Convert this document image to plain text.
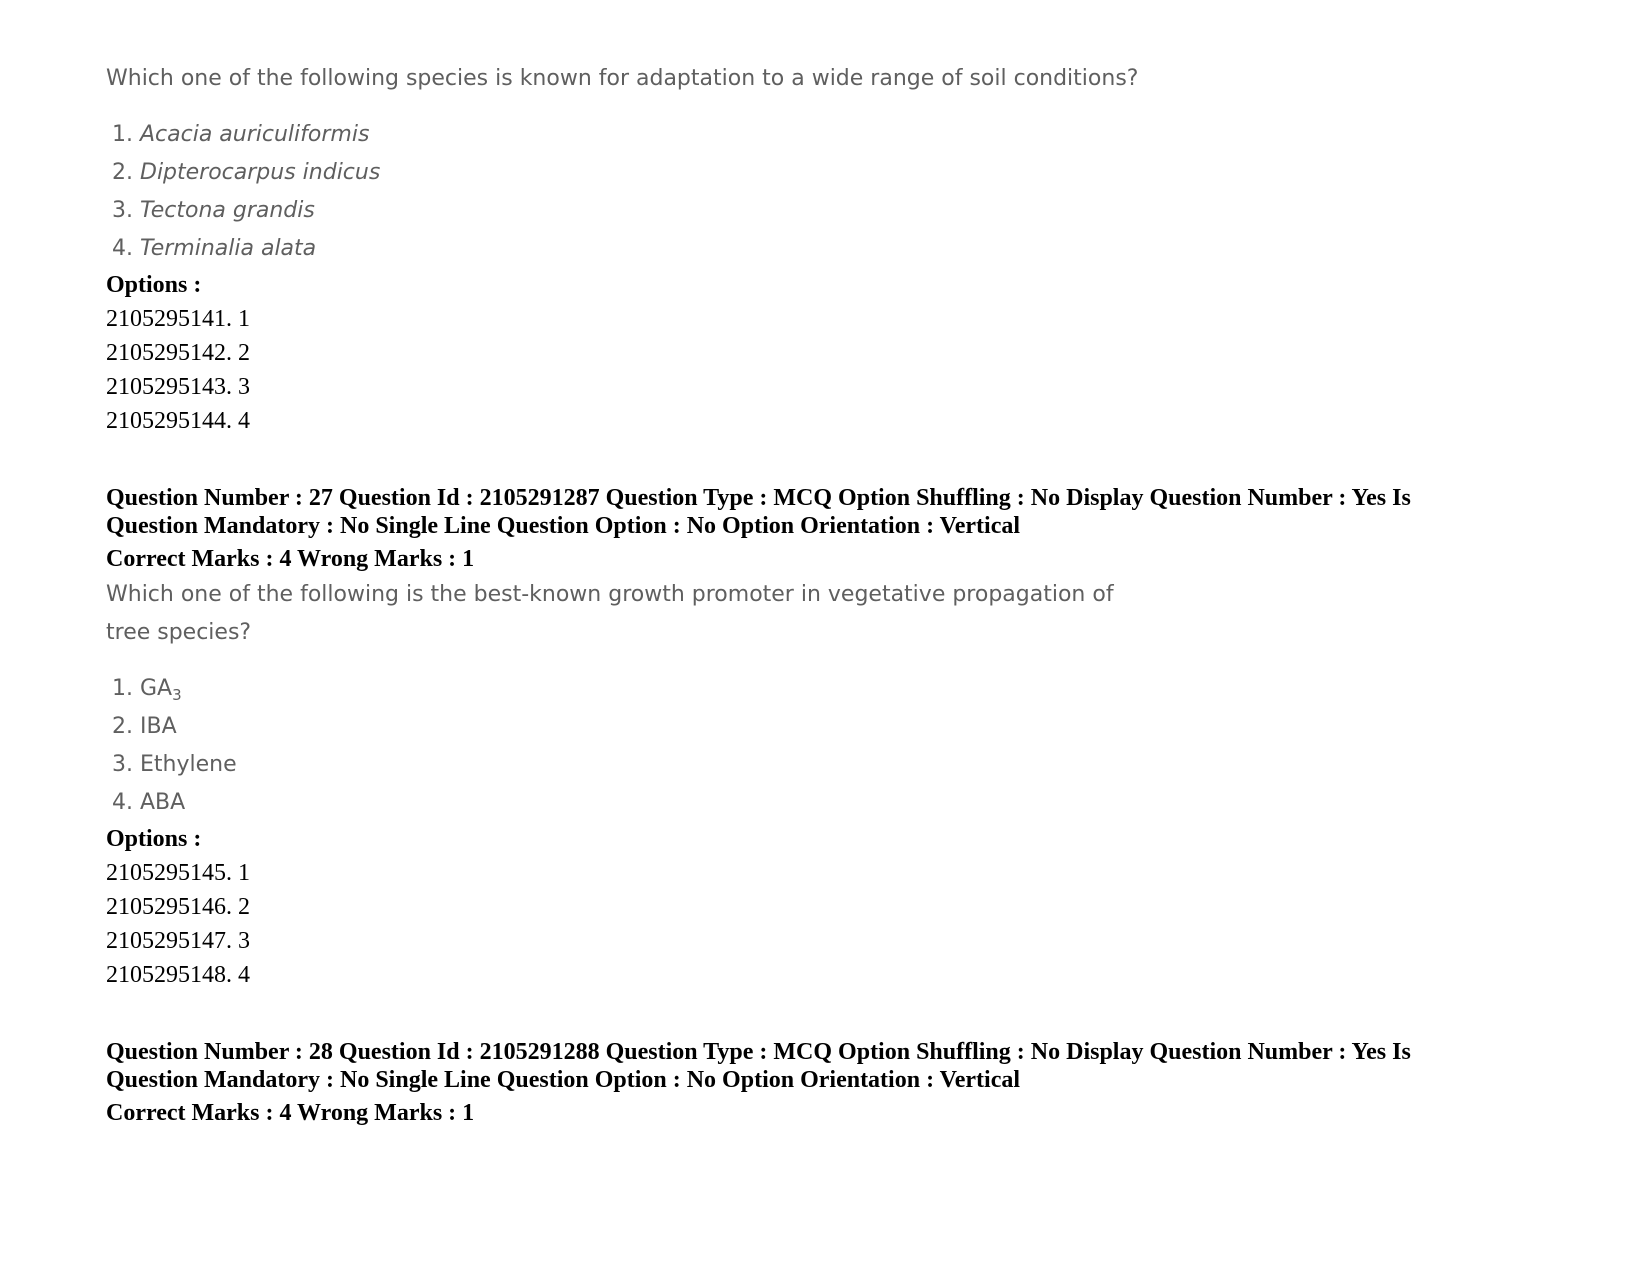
Which one of the following species is known for adaptation to a wide range of soil conditions?

1. Acacia auriculiformis
2. Dipterocarpus indicus
3. Tectona grandis
4. Terminalia alata

Options :

2105295141. 1
2105295142. 2
2105295143. 3
2105295144. 4

Question Number : 27 Question Id : 2105291287 Question Type : MCQ Option Shuffling : No Display Question Number : Yes Is

Question Mandatory : No Single Line Question Option : No Option Orientation : Vertical

Correct Marks : 4 Wrong Marks : 1

Which one of the following is the best-known growth promoter in vegetative propagation of

tree species?

1. $GA_3$
2. IBA
3. Ethylene
4. ABA

Options :

2105295145. 1
2105295146. 2
2105295147. 3
2105295148. 4

Question Number : 28 Question Id : 2105291288 Question Type : MCQ Option Shuffling : No Display Question Number : Yes Is

Question Mandatory : No Single Line Question Option : No Option Orientation : Vertical

Correct Marks : 4 Wrong Marks : 1
